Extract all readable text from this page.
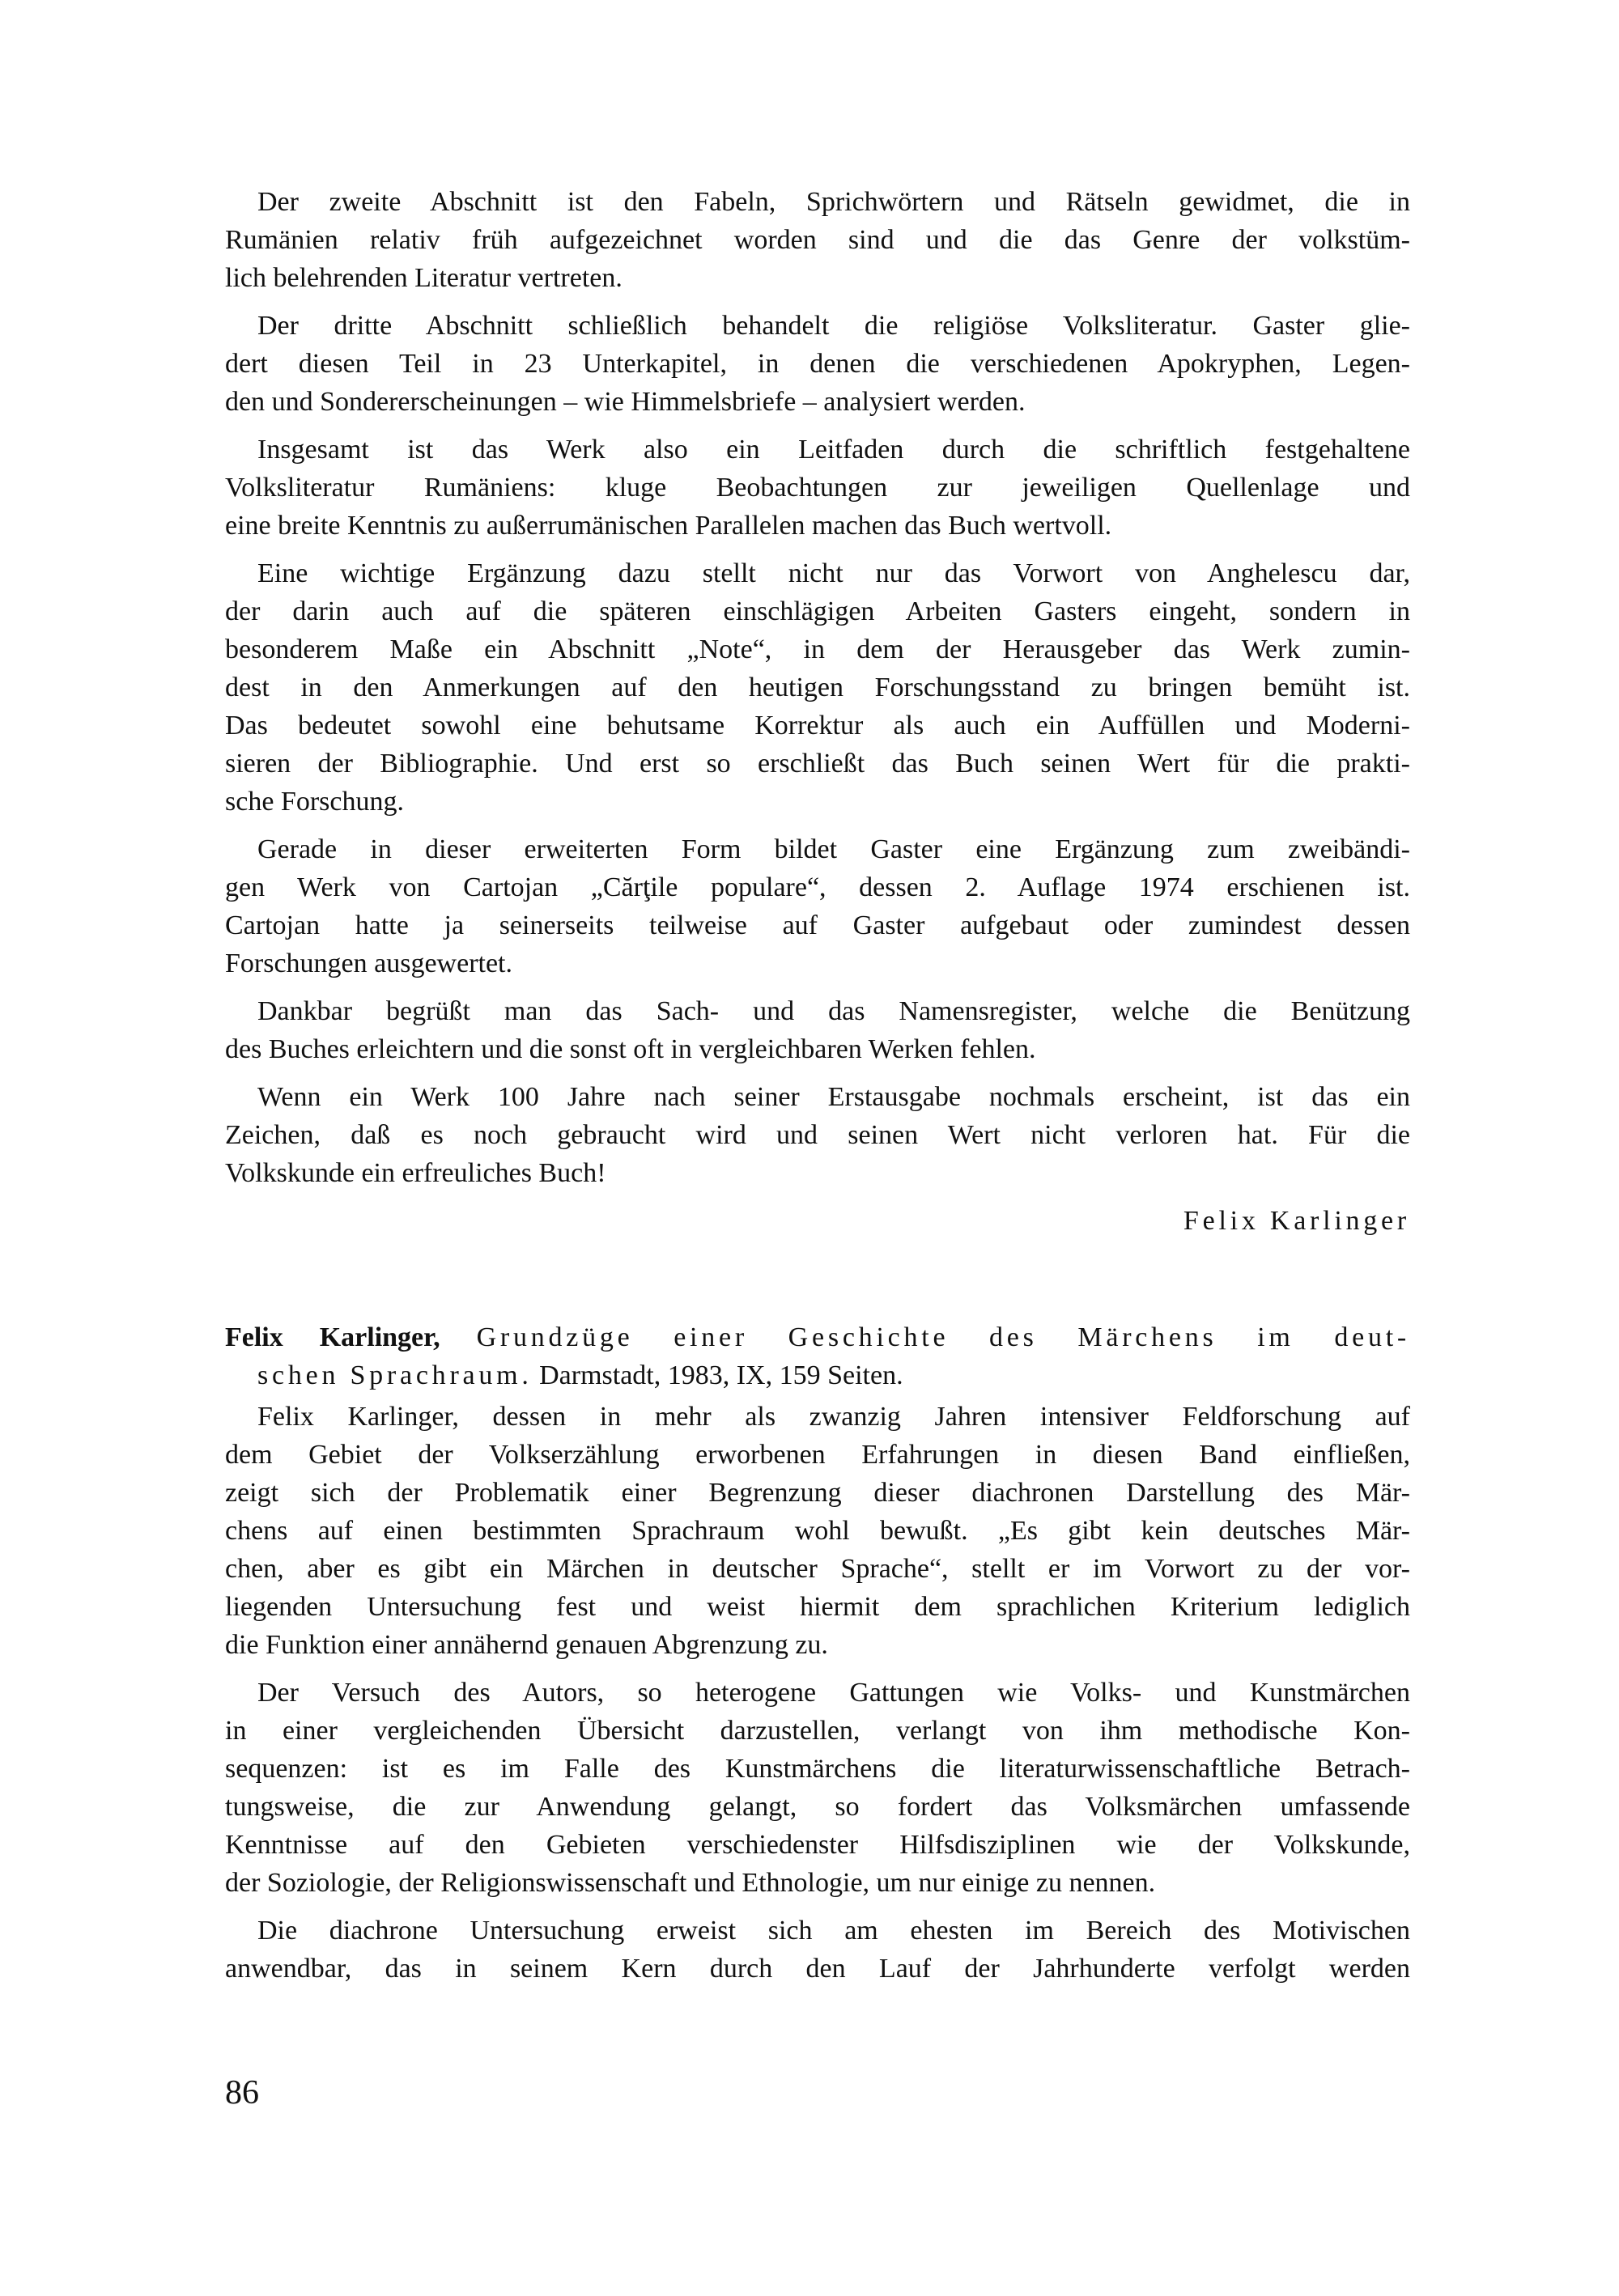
Der zweite Abschnitt ist den Fabeln, Sprichwörtern und Rätseln gewidmet, die in
Rumänien relativ früh aufgezeichnet worden sind und die das Genre der volkstüm-
lich belehrenden Literatur vertreten.
Der dritte Abschnitt schließlich behandelt die religiöse Volksliteratur. Gaster glie-
dert diesen Teil in 23 Unterkapitel, in denen die verschiedenen Apokryphen, Legen-
den und Sondererscheinungen – wie Himmelsbriefe – analysiert werden.
Insgesamt ist das Werk also ein Leitfaden durch die schriftlich festgehaltene
Volksliteratur Rumäniens: kluge Beobachtungen zur jeweiligen Quellenlage und
eine breite Kenntnis zu außerrumänischen Parallelen machen das Buch wertvoll.
Eine wichtige Ergänzung dazu stellt nicht nur das Vorwort von Anghelescu dar,
der darin auch auf die späteren einschlägigen Arbeiten Gasters eingeht, sondern in
besonderem Maße ein Abschnitt „Note“, in dem der Herausgeber das Werk zumin-
dest in den Anmerkungen auf den heutigen Forschungsstand zu bringen bemüht ist.
Das bedeutet sowohl eine behutsame Korrektur als auch ein Auffüllen und Moderni-
sieren der Bibliographie. Und erst so erschließt das Buch seinen Wert für die prakti-
sche Forschung.
Gerade in dieser erweiterten Form bildet Gaster eine Ergänzung zum zweibändi-
gen Werk von Cartojan „Cărţile populare“, dessen 2. Auflage 1974 erschienen ist.
Cartojan hatte ja seinerseits teilweise auf Gaster aufgebaut oder zumindest dessen
Forschungen ausgewertet.
Dankbar begrüßt man das Sach- und das Namensregister, welche die Benützung
des Buches erleichtern und die sonst oft in vergleichbaren Werken fehlen.
Wenn ein Werk 100 Jahre nach seiner Erstausgabe nochmals erscheint, ist das ein
Zeichen, daß es noch gebraucht wird und seinen Wert nicht verloren hat. Für die
Volkskunde ein erfreuliches Buch!
Felix Karlinger
Felix Karlinger, Grundzüge einer Geschichte des Märchens im deut-
schen Sprachraum. Darmstadt, 1983, IX, 159 Seiten.
Felix Karlinger, dessen in mehr als zwanzig Jahren intensiver Feldforschung auf
dem Gebiet der Volkserzählung erworbenen Erfahrungen in diesen Band einfließen,
zeigt sich der Problematik einer Begrenzung dieser diachronen Darstellung des Mär-
chens auf einen bestimmten Sprachraum wohl bewußt. „Es gibt kein deutsches Mär-
chen, aber es gibt ein Märchen in deutscher Sprache“, stellt er im Vorwort zu der vor-
liegenden Untersuchung fest und weist hiermit dem sprachlichen Kriterium lediglich
die Funktion einer annähernd genauen Abgrenzung zu.
Der Versuch des Autors, so heterogene Gattungen wie Volks- und Kunstmärchen
in einer vergleichenden Übersicht darzustellen, verlangt von ihm methodische Kon-
sequenzen: ist es im Falle des Kunstmärchens die literaturwissenschaftliche Betrach-
tungsweise, die zur Anwendung gelangt, so fordert das Volksmärchen umfassende
Kenntnisse auf den Gebieten verschiedenster Hilfsdisziplinen wie der Volkskunde,
der Soziologie, der Religionswissenschaft und Ethnologie, um nur einige zu nennen.
Die diachrone Untersuchung erweist sich am ehesten im Bereich des Motivischen
anwendbar, das in seinem Kern durch den Lauf der Jahrhunderte verfolgt werden
86
